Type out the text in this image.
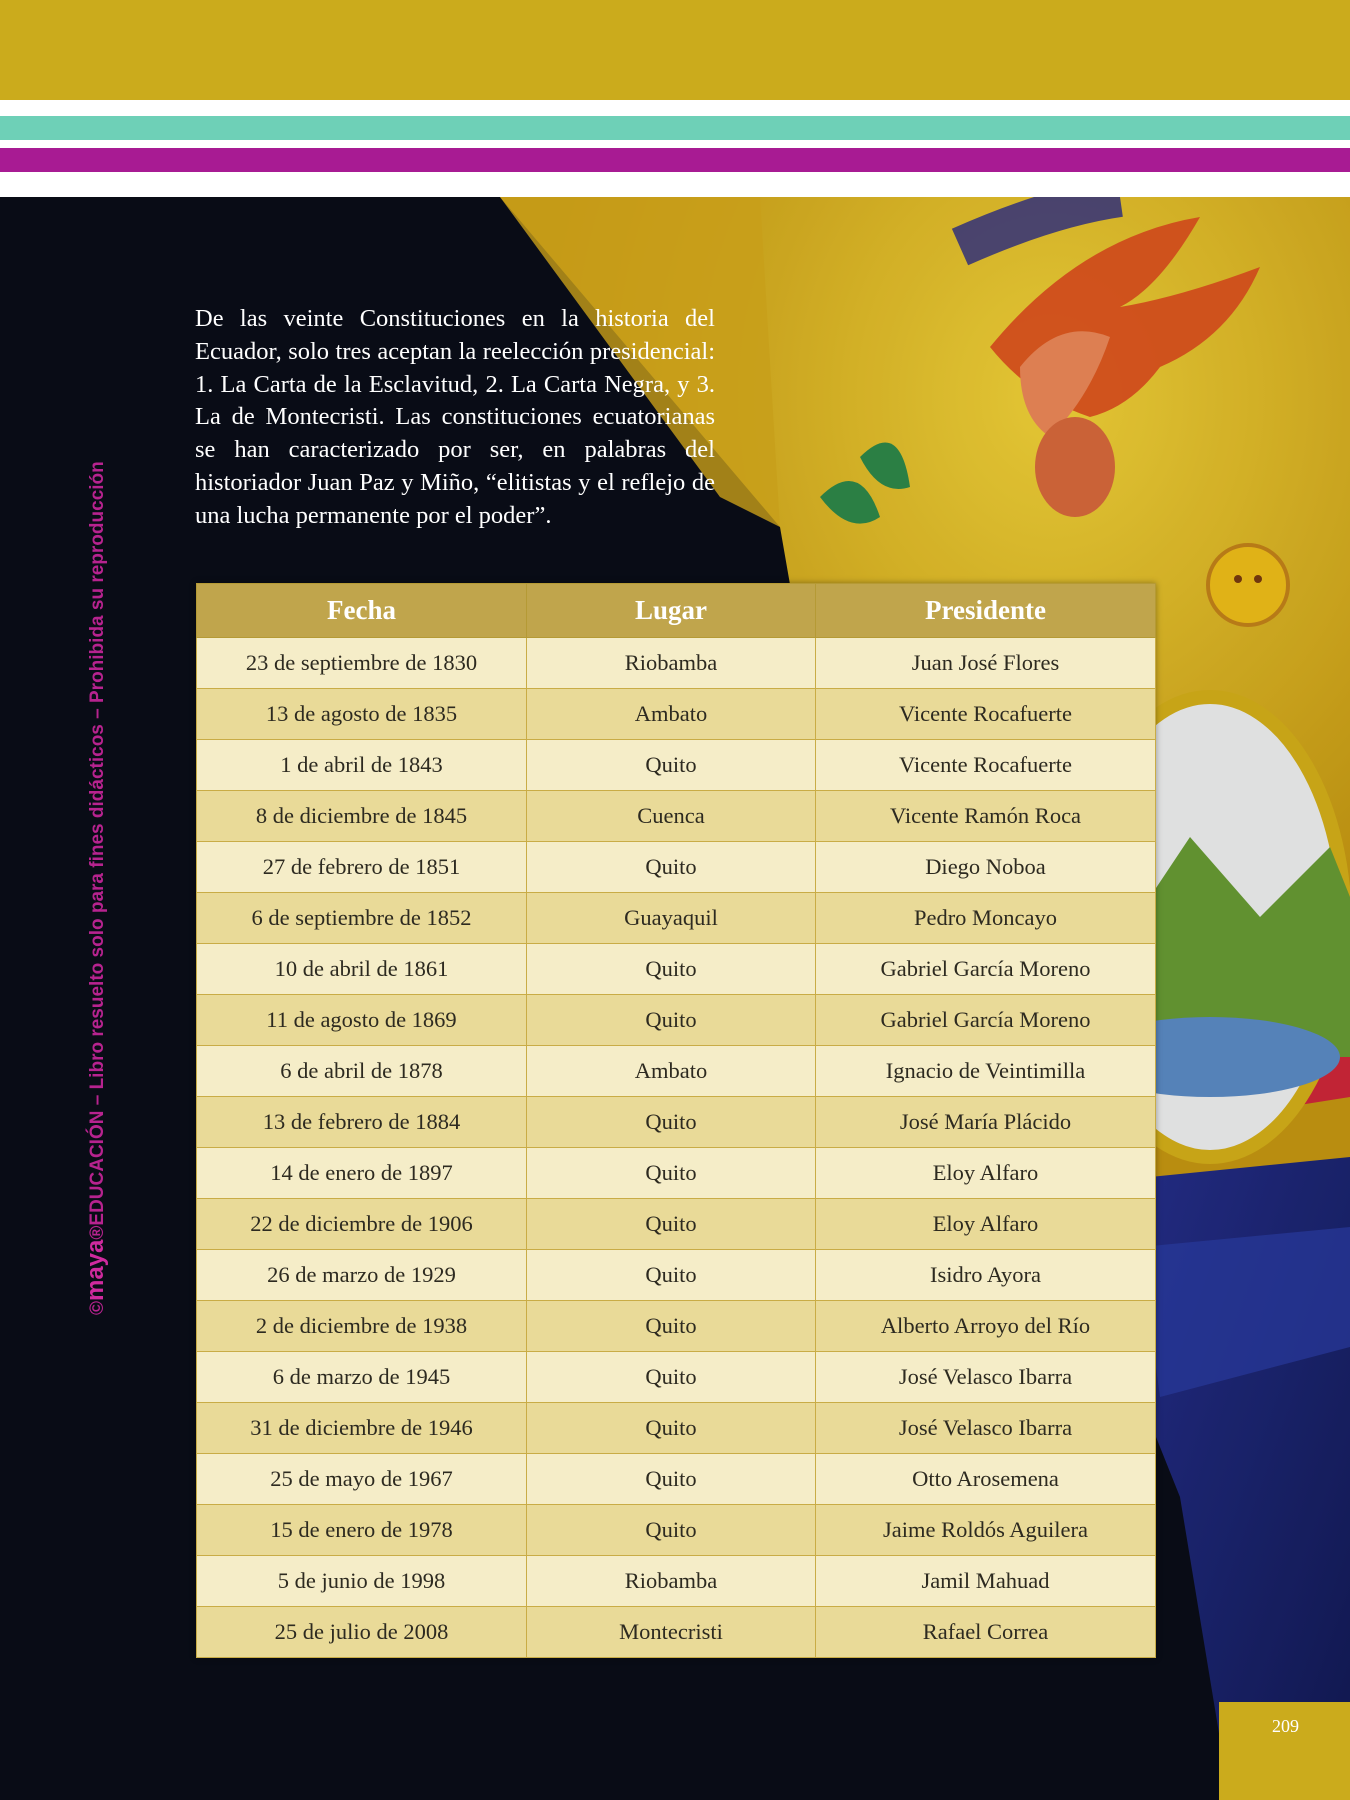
De las veinte Constituciones en la historia del Ecuador, solo tres aceptan la reelección presidencial: 1. La Carta de la Esclavitud, 2. La Carta Negra, y 3. La de Montecristi. Las constituciones ecuatorianas se han caracterizado por ser, en palabras del historiador Juan Paz y Miño, “elitistas y el reflejo de una lucha permanente por el poder”.
©maya®EDUCACIÓN – Libro resuelto solo para fines didácticos – Prohibida su reproducción	Fecha	Lugar	Presidente
23 de septiembre de 1830	Riobamba	Juan José Flores
13 de agosto de 1835	Ambato	Vicente Rocafuerte
1 de abril de 1843	Quito	Vicente Rocafuerte
8 de diciembre de 1845	Cuenca	Vicente Ramón Roca
27 de febrero de 1851	Quito	Diego Noboa
6 de septiembre de 1852	Guayaquil	Pedro Moncayo
10 de abril de 1861	Quito	Gabriel García Moreno
11 de agosto de 1869	Quito	Gabriel García Moreno
6 de abril de 1878	Ambato	Ignacio de Veintimilla
13 de febrero de 1884	Quito	José María Plácido
14 de enero de 1897	Quito	Eloy Alfaro
22 de diciembre de 1906	Quito	Eloy Alfaro
26 de marzo de 1929	Quito	Isidro Ayora
2 de diciembre de 1938	Quito	Alberto Arroyo del Río
6 de marzo de 1945	Quito	José Velasco Ibarra
31 de diciembre de 1946	Quito	José Velasco Ibarra
25 de mayo de 1967	Quito	Otto Arosemena
15 de enero de 1978	Quito	Jaime Roldós Aguilera
5 de junio de 1998	Riobamba	Jamil Mahuad
25 de julio de 2008	Montecristi	Rafael Correa
209
